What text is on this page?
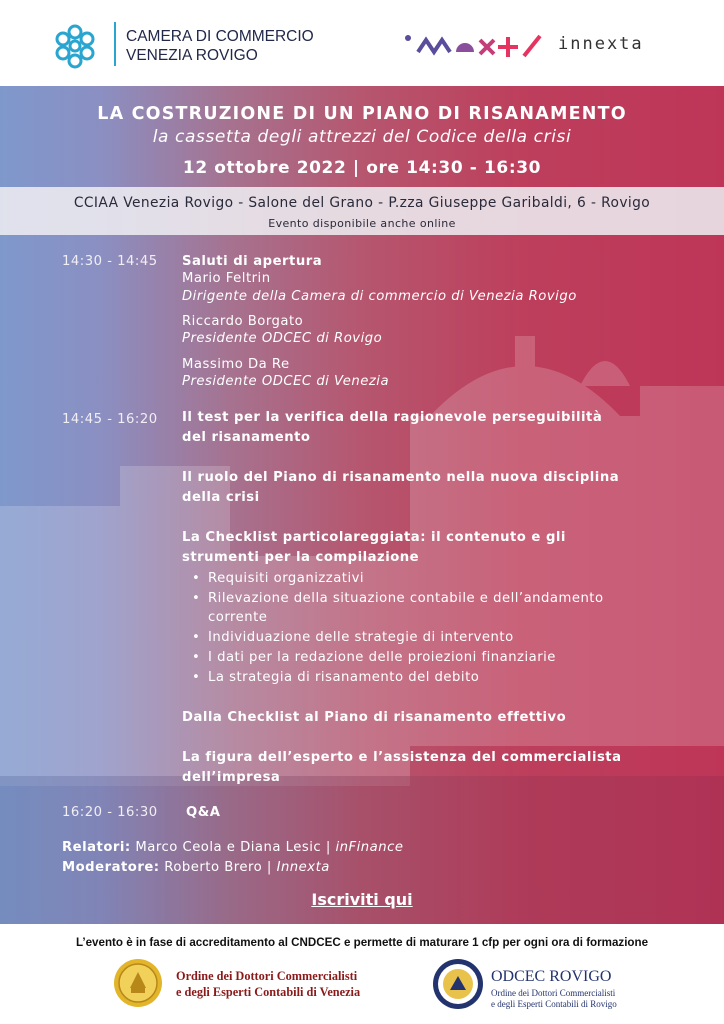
CAMERA DI COMMERCIO
VENEZIA ROVIGO
innexta
LA COSTRUZIONE DI UN PIANO DI RISANAMENTO
la cassetta degli attrezzi del Codice della crisi
12 ottobre 2022 | ore 14:30 - 16:30
CCIAA Venezia Rovigo - Salone del Grano - P.zza Giuseppe Garibaldi, 6 - Rovigo
Evento disponibile anche online
14:30 - 14:45 Saluti di apertura
Mario Feltrin
Dirigente della Camera di commercio di Venezia Rovigo
Riccardo Borgato
Presidente ODCEC di Rovigo
Massimo Da Re
Presidente ODCEC di Venezia
14:45 - 16:20 Il test per la verifica della ragionevole perseguibilità
del risanamento
Il ruolo del Piano di risanamento nella nuova disciplina
della crisi
La Checklist particolareggiata: il contenuto e gli
strumenti per la compilazione
• Requisiti organizzativi
• Rilevazione della situazione contabile e dell’andamento
corrente
• Individuazione delle strategie di intervento
• I dati per la redazione delle proiezioni finanziarie
• La strategia di risanamento del debito
Dalla Checklist al Piano di risanamento effettivo
La figura dell’esperto e l’assistenza del commercialista
dell’impresa
16:20 - 16:30 Q&A
Relatori: Marco Ceola e Diana Lesic | inFinance
Moderatore: Roberto Brero | Innexta
Iscriviti qui
L’evento è in fase di accreditamento al CNDCEC e permette di maturare 1 cfp per ogni ora di formazione
Ordine dei Dottori Commercialisti
e degli Esperti Contabili di Venezia
ODCEC ROVIGO
Ordine dei Dottori Commercialisti
e degli Esperti Contabili di Rovigo
